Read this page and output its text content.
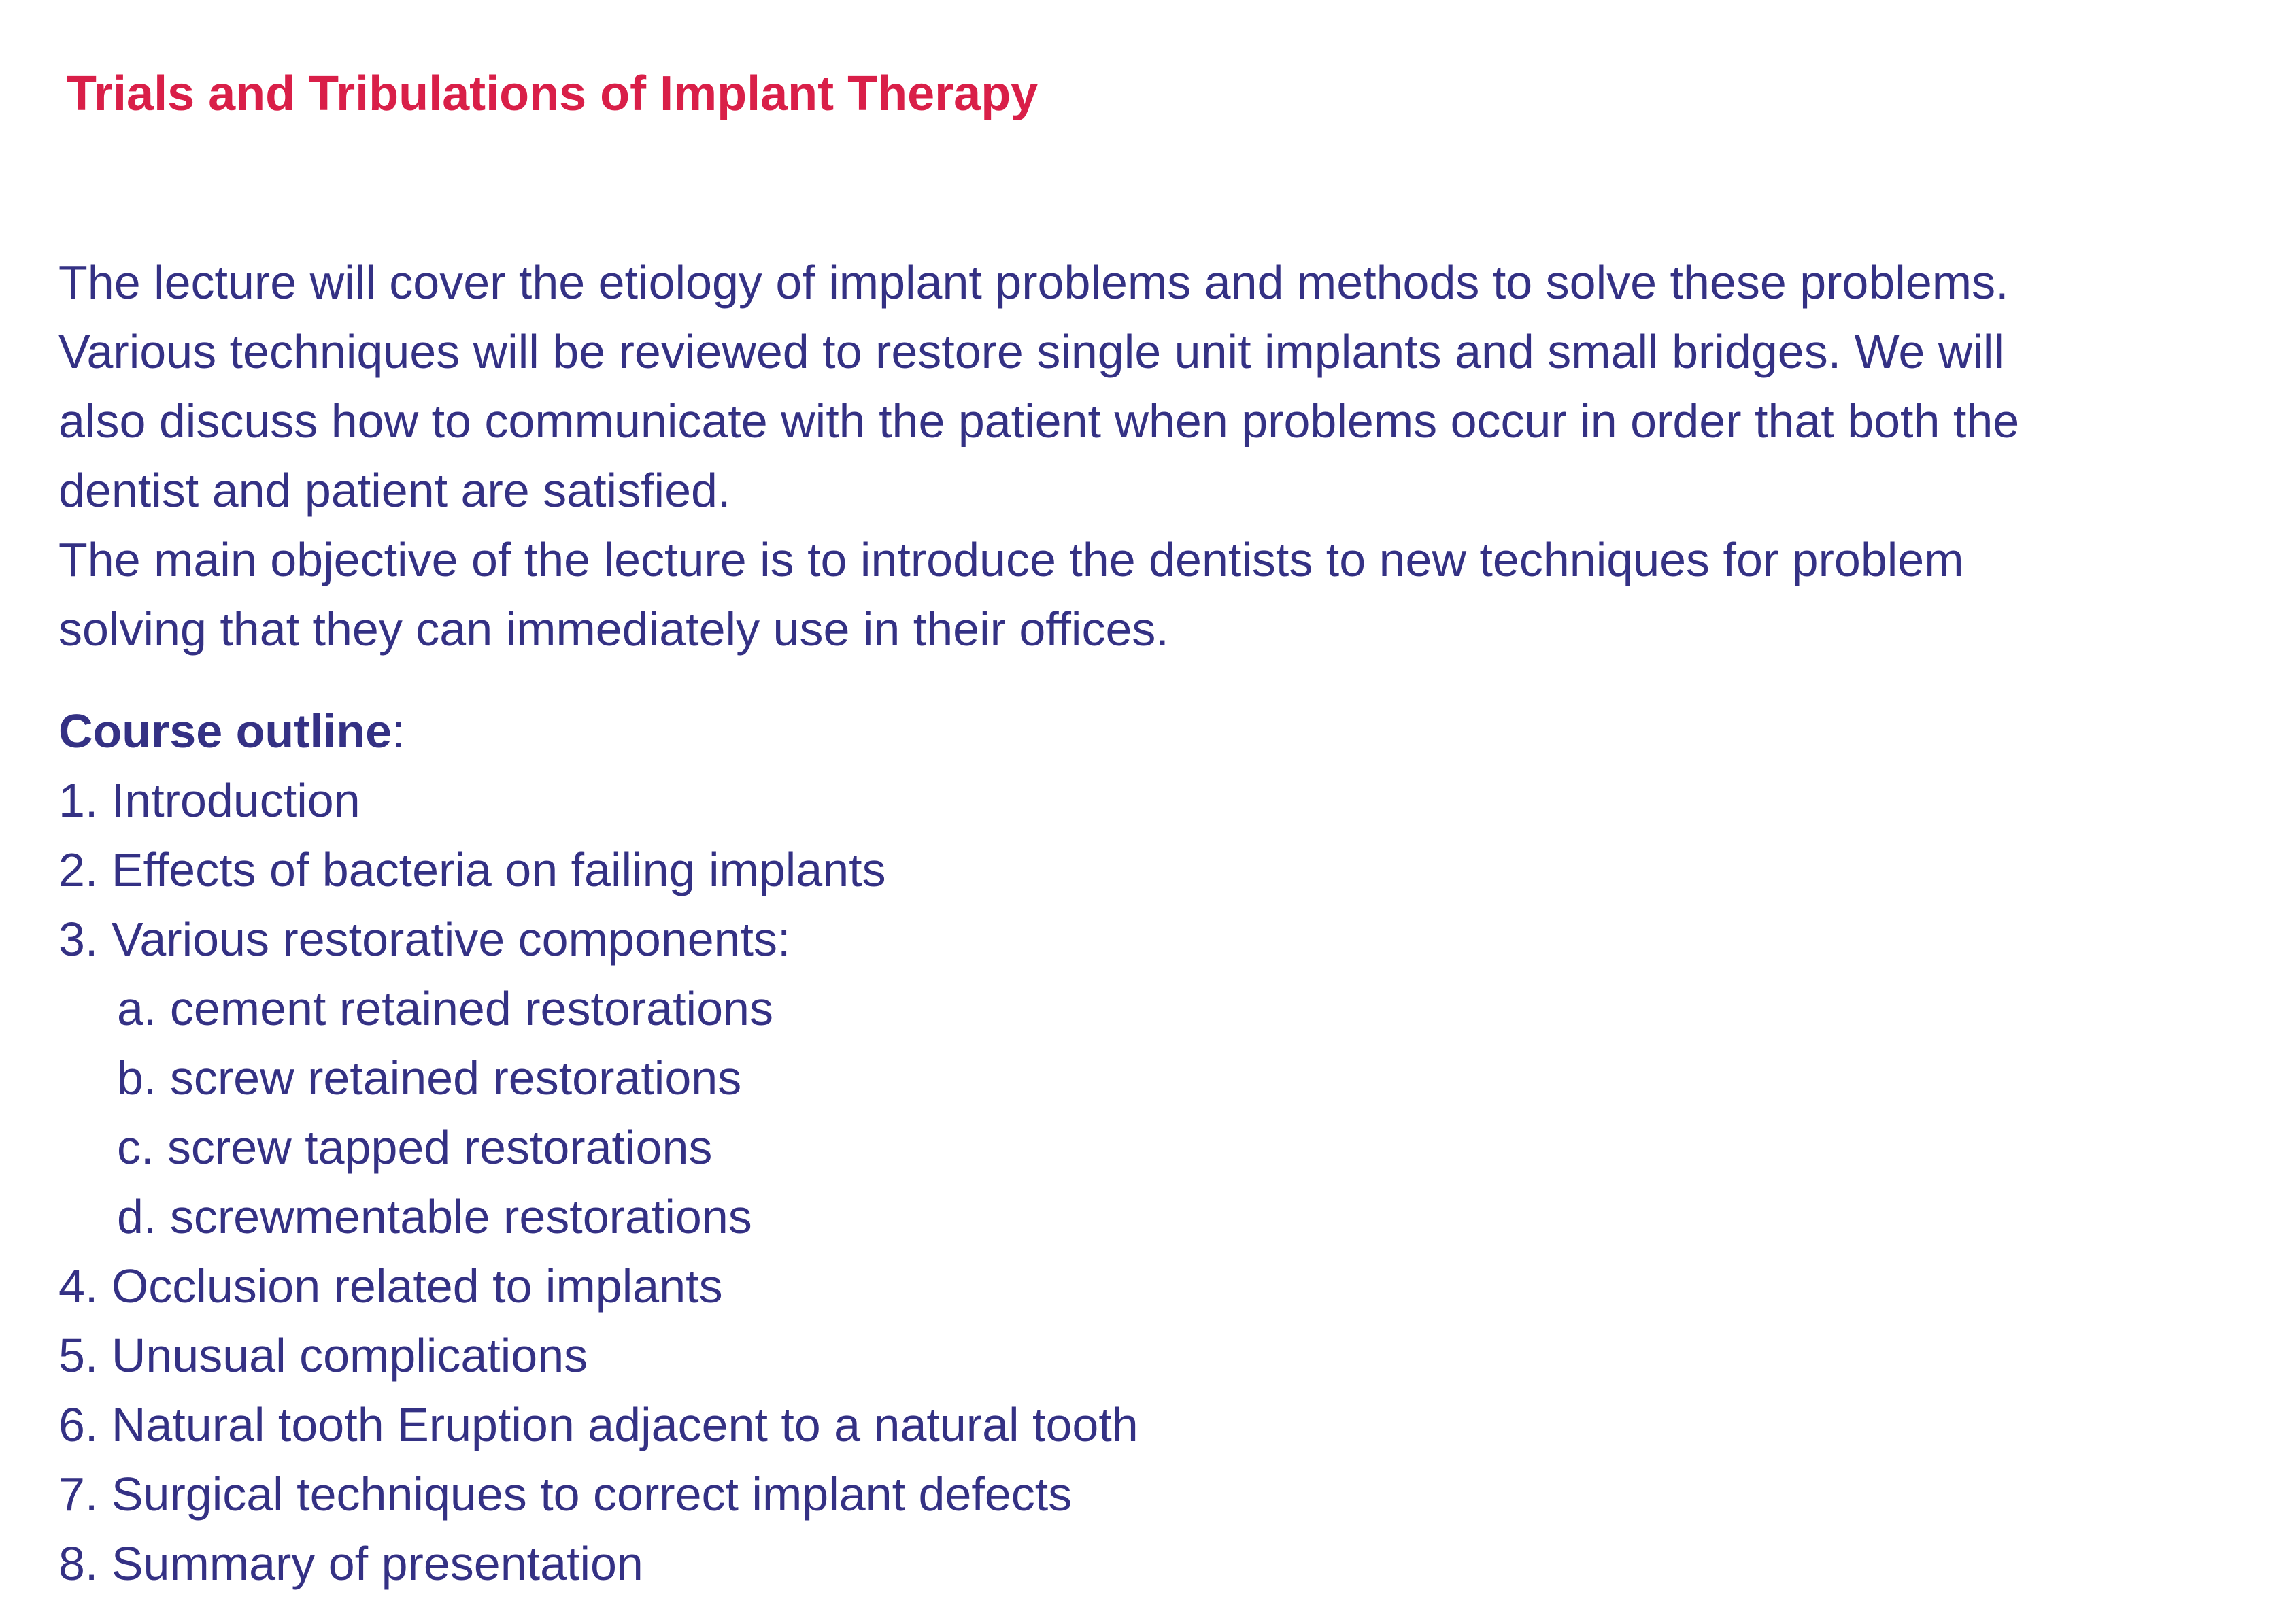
Trials and Tribulations of Implant Therapy

The lecture will cover the etiology of implant problems and methods to solve these problems.

Various techniques will be reviewed to restore single unit implants and small bridges. We will

also discuss how to communicate with the patient when problems occur in order that both the

dentist and patient are satisfied.

The main objective of the lecture is to introduce the dentists to new techniques for problem

solving that they can immediately use in their offices.

Course outline:

1. Introduction
2. Effects of bacteria on failing implants
3. Various restorative components:
a. cement retained restorations
b. screw retained restorations
c. screw tapped restorations
d. screwmentable restorations
4. Occlusion related to implants
5. Unusual complications
6. Natural tooth Eruption adjacent to a natural tooth
7. Surgical techniques to correct implant defects
8. Summary of presentation
